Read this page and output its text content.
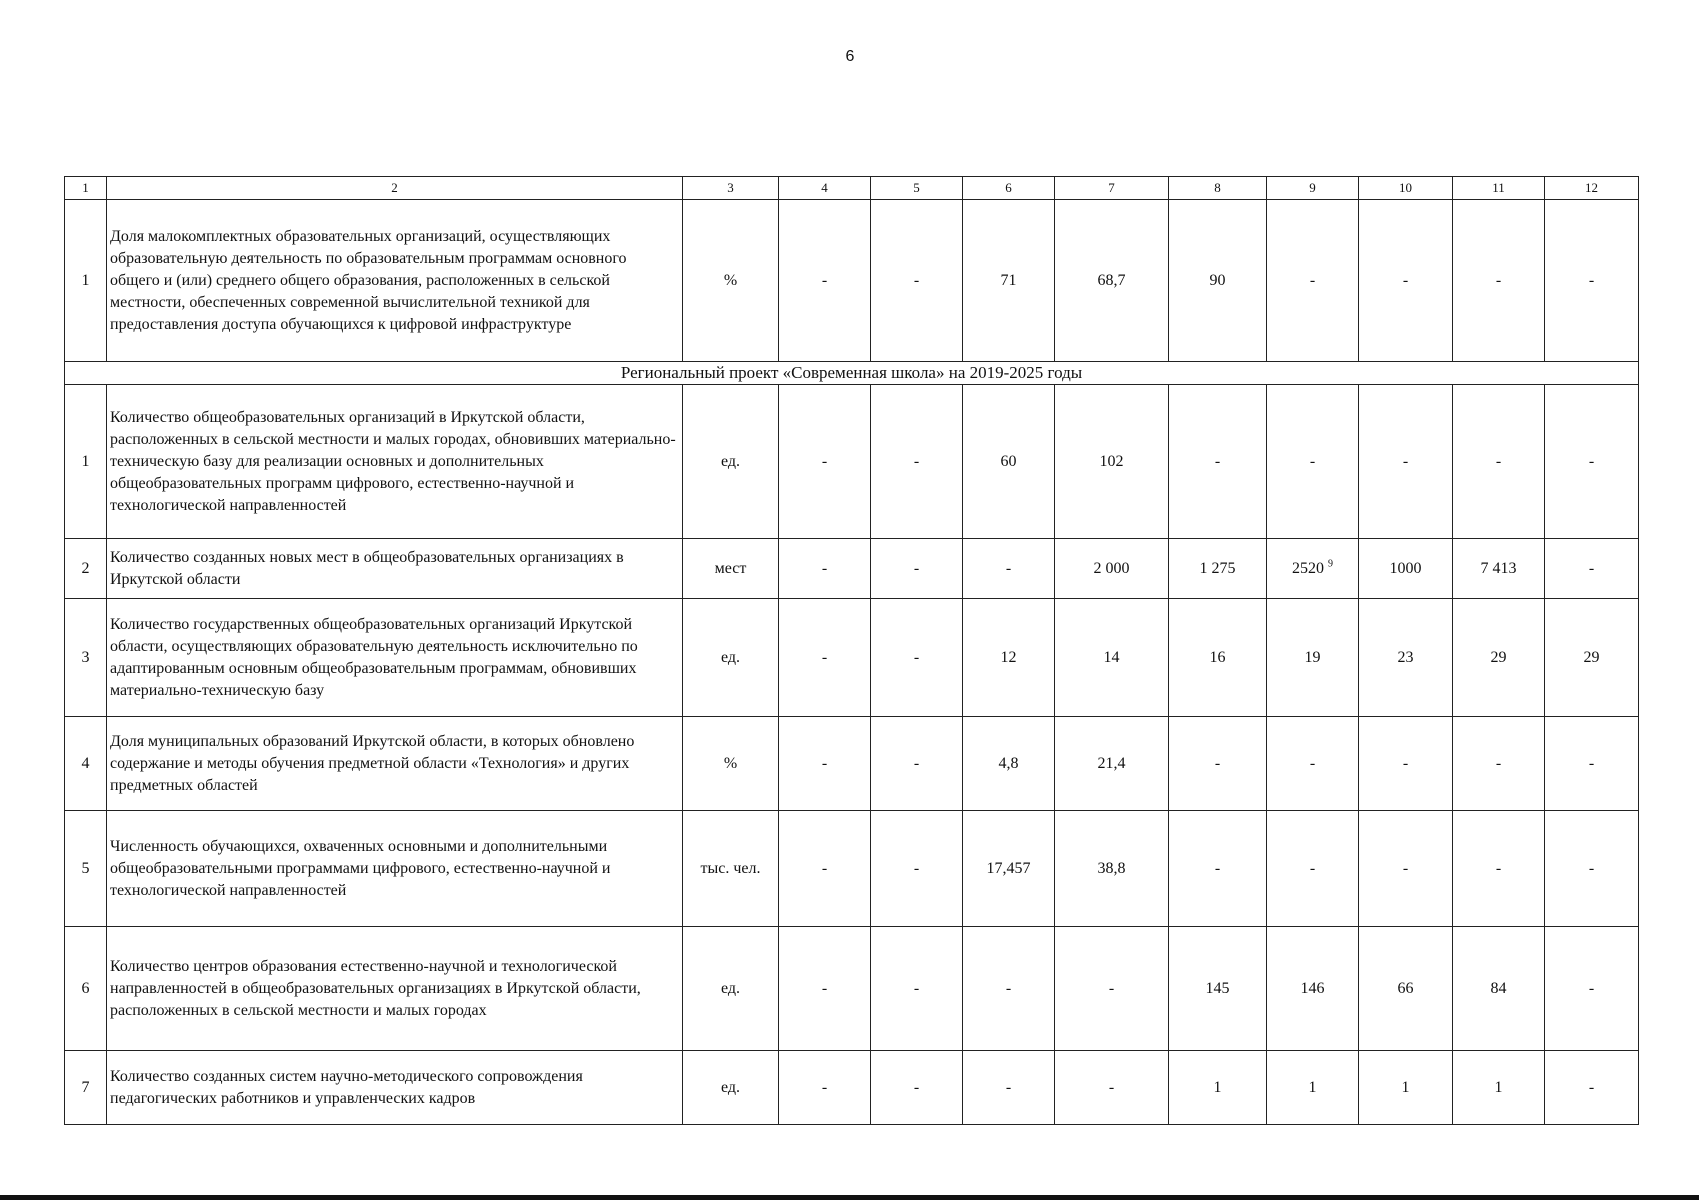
6
1	2	3	4	5	6	7	8	9	10	11	12
1	Доля малокомплектных образовательных организаций, осуществляющих образовательную деятельность по образовательным программам основного общего и (или) среднего общего образования, расположенных в сельской местности, обеспеченных современной вычислительной техникой для предоставления доступа обучающихся к цифровой инфраструктуре	%	-	-	71	68,7	90	-	-	-	-
Региональный проект «Современная школа» на 2019-2025 годы											
1	Количество общеобразовательных организаций в Иркутской области, расположенных в сельской местности и малых городах, обновивших материально-техническую базу для реализации основных и дополнительных общеобразовательных программ цифрового, естественно-научной и технологической направленностей	ед.	-	-	60	102	-	-	-	-	-
2	Количество созданных новых мест в общеобразовательных организациях в Иркутской области	мест	-	-	-	2 000	1 275	2520 $^9$	1000	7 413	-
3	Количество государственных общеобразовательных организаций Иркутской области, осуществляющих образовательную деятельность исключительно по адаптированным основным общеобразовательным программам, обновивших материально-техническую базу	ед.	-	-	12	14	16	19	23	29	29
4	Доля муниципальных образований Иркутской области, в которых обновлено содержание и методы обучения предметной области «Технология» и других предметных областей	%	-	-	4,8	21,4	-	-	-	-	-
5	Численность обучающихся, охваченных основными и дополнительными общеобразовательными программами цифрового, естественно-научной и технологической направленностей	тыс. чел.	-	-	17,457	38,8	-	-	-	-	-
6	Количество центров образования естественно-научной и технологической направленностей в общеобразовательных организациях в Иркутской области, расположенных в сельской местности и малых городах	ед.	-	-	-	-	145	146	66	84	-
7	Количество созданных систем научно-методического сопровождения педагогических работников и управленческих кадров	ед.	-	-	-	-	1	1	1	1	-
